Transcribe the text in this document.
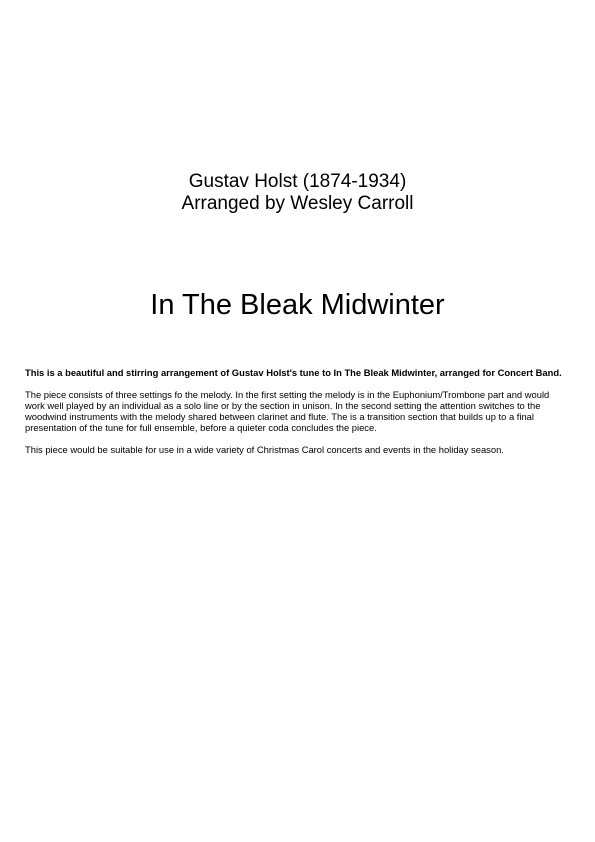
Gustav Holst (1874-1934)
Arranged by Wesley Carroll
In The Bleak Midwinter

This is a beautiful and stirring arrangement of Gustav Holst's tune to In The Bleak Midwinter, arranged for Concert Band.

The piece consists of three settings fo the melody. In the first setting the melody is in the Euphonium/Trombone part and would work well played by an individual as a solo line or by the section in unison. In the second setting the attention switches to the woodwind instruments with the melody shared between clarinet and flute. The is a transition section that builds up to a final presentation of the tune for full ensemble, before a quieter coda concludes the piece.

This piece would be suitable for use in a wide variety of Christmas Carol concerts and events in the holiday season.
